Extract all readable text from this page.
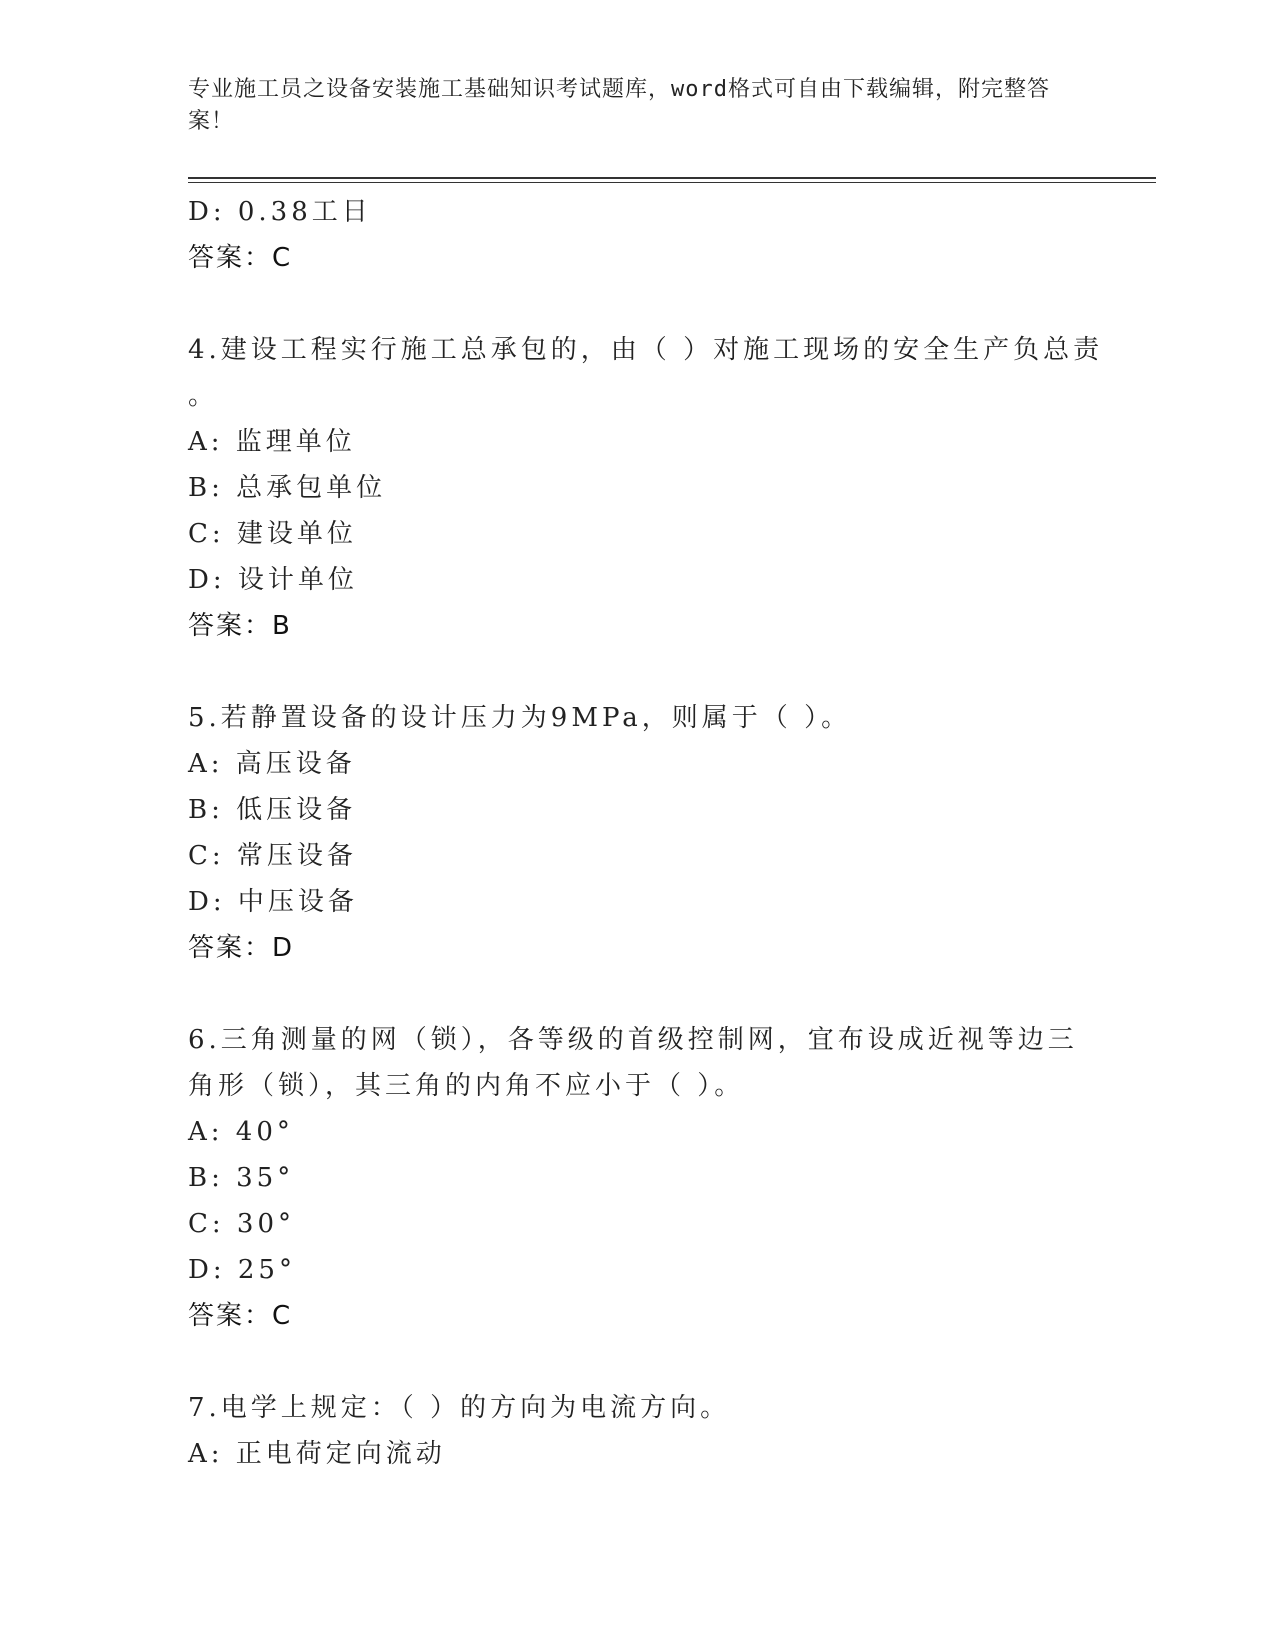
专业施工员之设备安装施工基础知识考试题库，word格式可自由下载编辑，附完整答案！
D: 0.38工日
答案：C
4.建设工程实行施工总承包的，由（ ）对施工现场的安全生产负总责
。
A: 监理单位
B: 总承包单位
C: 建设单位
D: 设计单位
答案：B
5.若静置设备的设计压力为9MPa，则属于（ ）。
A: 高压设备
B: 低压设备
C: 常压设备
D: 中压设备
答案：D
6.三角测量的网（锁），各等级的首级控制网，宜布设成近视等边三
角形（锁），其三角的内角不应小于（ ）。
A: 40°
B: 35°
C: 30°
D: 25°
答案：C
7.电学上规定：（ ）的方向为电流方向。
A: 正电荷定向流动
